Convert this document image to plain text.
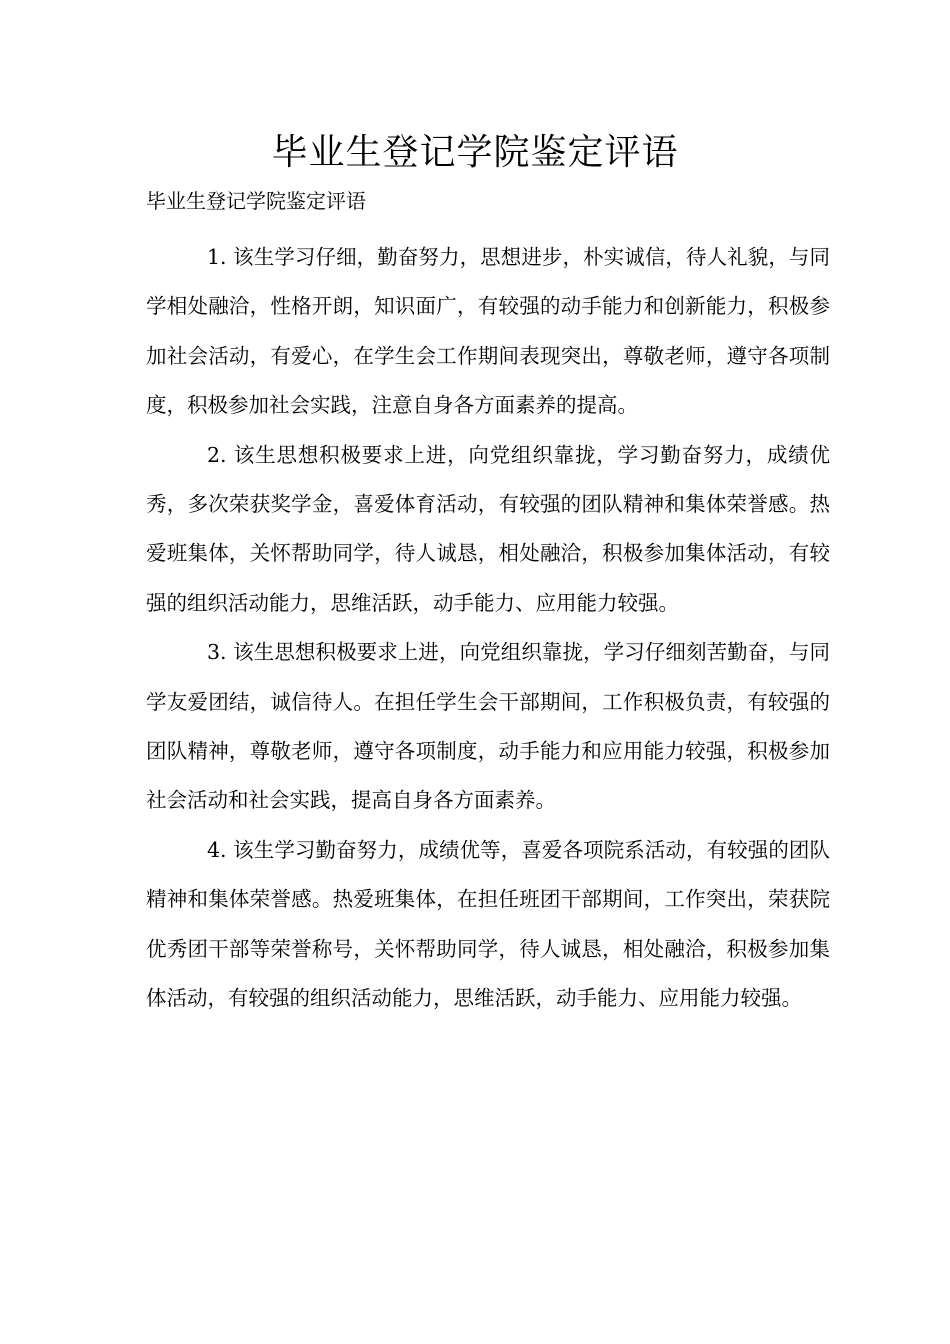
毕业生登记学院鉴定评语

毕业生登记学院鉴定评语

1. 该生学习仔细，勤奋努力，思想进步，朴实诚信，待人礼貌，与同学相处融洽，性格开朗，知识面广，有较强的动手能力和创新能力，积极参加社会活动，有爱心，在学生会工作期间表现突出，尊敬老师，遵守各项制度，积极参加社会实践，注意自身各方面素养的提高。

2. 该生思想积极要求上进，向党组织靠拢，学习勤奋努力，成绩优秀，多次荣获奖学金，喜爱体育活动，有较强的团队精神和集体荣誉感。热爱班集体，关怀帮助同学，待人诚恳，相处融洽，积极参加集体活动，有较强的组织活动能力，思维活跃，动手能力、应用能力较强。

3. 该生思想积极要求上进，向党组织靠拢，学习仔细刻苦勤奋，与同学友爱团结，诚信待人。在担任学生会干部期间，工作积极负责，有较强的团队精神，尊敬老师，遵守各项制度，动手能力和应用能力较强，积极参加社会活动和社会实践，提高自身各方面素养。

4. 该生学习勤奋努力，成绩优等，喜爱各项院系活动，有较强的团队精神和集体荣誉感。热爱班集体，在担任班团干部期间，工作突出，荣获院优秀团干部等荣誉称号，关怀帮助同学，待人诚恳，相处融洽，积极参加集体活动，有较强的组织活动能力，思维活跃，动手能力、应用能力较强。
